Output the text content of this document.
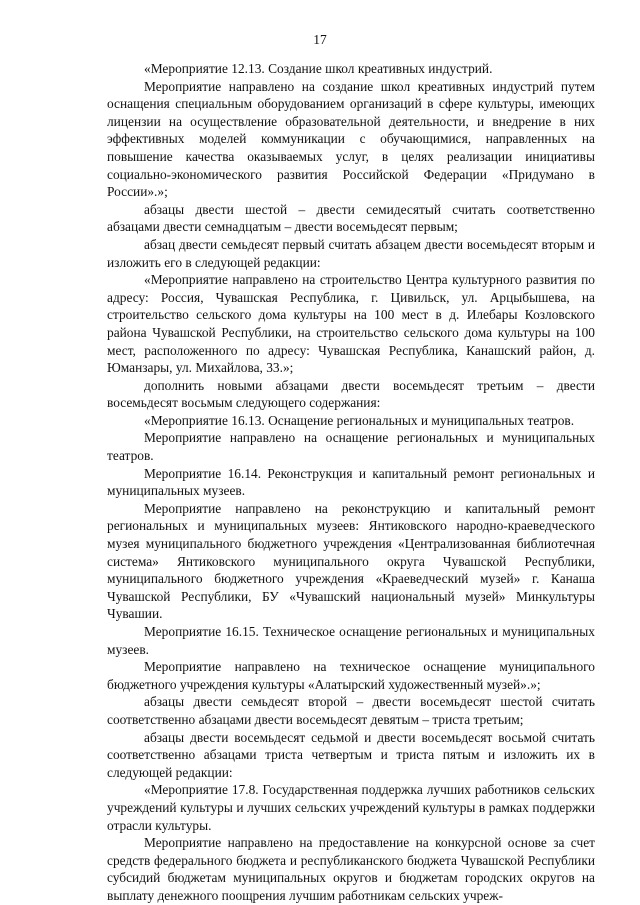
17

«Мероприятие 12.13. Создание школ креативных индустрий.

Мероприятие направлено на создание школ креативных индустрий путем оснащения специальным оборудованием организаций в сфере культуры, имеющих лицензии на осуществление образовательной деятельности, и внедрение в них эффективных моделей коммуникации с обучающимися, направленных на повышение качества оказываемых услуг, в целях реализации инициативы социально-экономического развития Российской Федерации «Придумано в России».»;

абзацы двести шестой – двести семидесятый считать соответственно абзацами двести семнадцатым – двести восемьдесят первым;

абзац двести семьдесят первый считать абзацем двести восемьдесят вторым и изложить его в следующей редакции:

«Мероприятие направлено на строительство Центра культурного развития по адресу: Россия, Чувашская Республика, г. Цивильск, ул. Арцыбышева, на строительство сельского дома культуры на 100 мест в д. Илебары Козловского района Чувашской Республики, на строительство сельского дома культуры на 100 мест, расположенного по адресу: Чувашская Республика, Канашский район, д. Юманзары, ул. Михайлова, 33.»;

дополнить новыми абзацами двести восемьдесят третьим – двести восемьдесят восьмым следующего содержания:

«Мероприятие 16.13. Оснащение региональных и муниципальных театров.

Мероприятие направлено на оснащение региональных и муниципальных театров.

Мероприятие 16.14. Реконструкция и капитальный ремонт региональных и муниципальных музеев.

Мероприятие направлено на реконструкцию и капитальный ремонт региональных и муниципальных музеев: Янтиковского народно-краеведческого музея муниципального бюджетного учреждения «Централизованная библиотечная система» Янтиковского муниципального округа Чувашской Республики, муниципального бюджетного учреждения «Краеведческий музей» г. Канаша Чувашской Республики, БУ «Чувашский национальный музей» Минкультуры Чувашии.

Мероприятие 16.15. Техническое оснащение региональных и муниципальных музеев.

Мероприятие направлено на техническое оснащение муниципального бюджетного учреждения культуры «Алатырский художественный музей».»;

абзацы двести семьдесят второй – двести восемьдесят шестой считать соответственно абзацами двести восемьдесят девятым – триста третьим;

абзацы двести восемьдесят седьмой и двести восемьдесят восьмой считать соответственно абзацами триста четвертым и триста пятым и изложить их в следующей редакции:

«Мероприятие 17.8. Государственная поддержка лучших работников сельских учреждений культуры и лучших сельских учреждений культуры в рамках поддержки отрасли культуры.

Мероприятие направлено на предоставление на конкурсной основе за счет средств федерального бюджета и республиканского бюджета Чувашской Республики субсидий бюджетам муниципальных округов и бюджетам городских округов на выплату денежного поощрения лучшим работникам сельских учреж-
